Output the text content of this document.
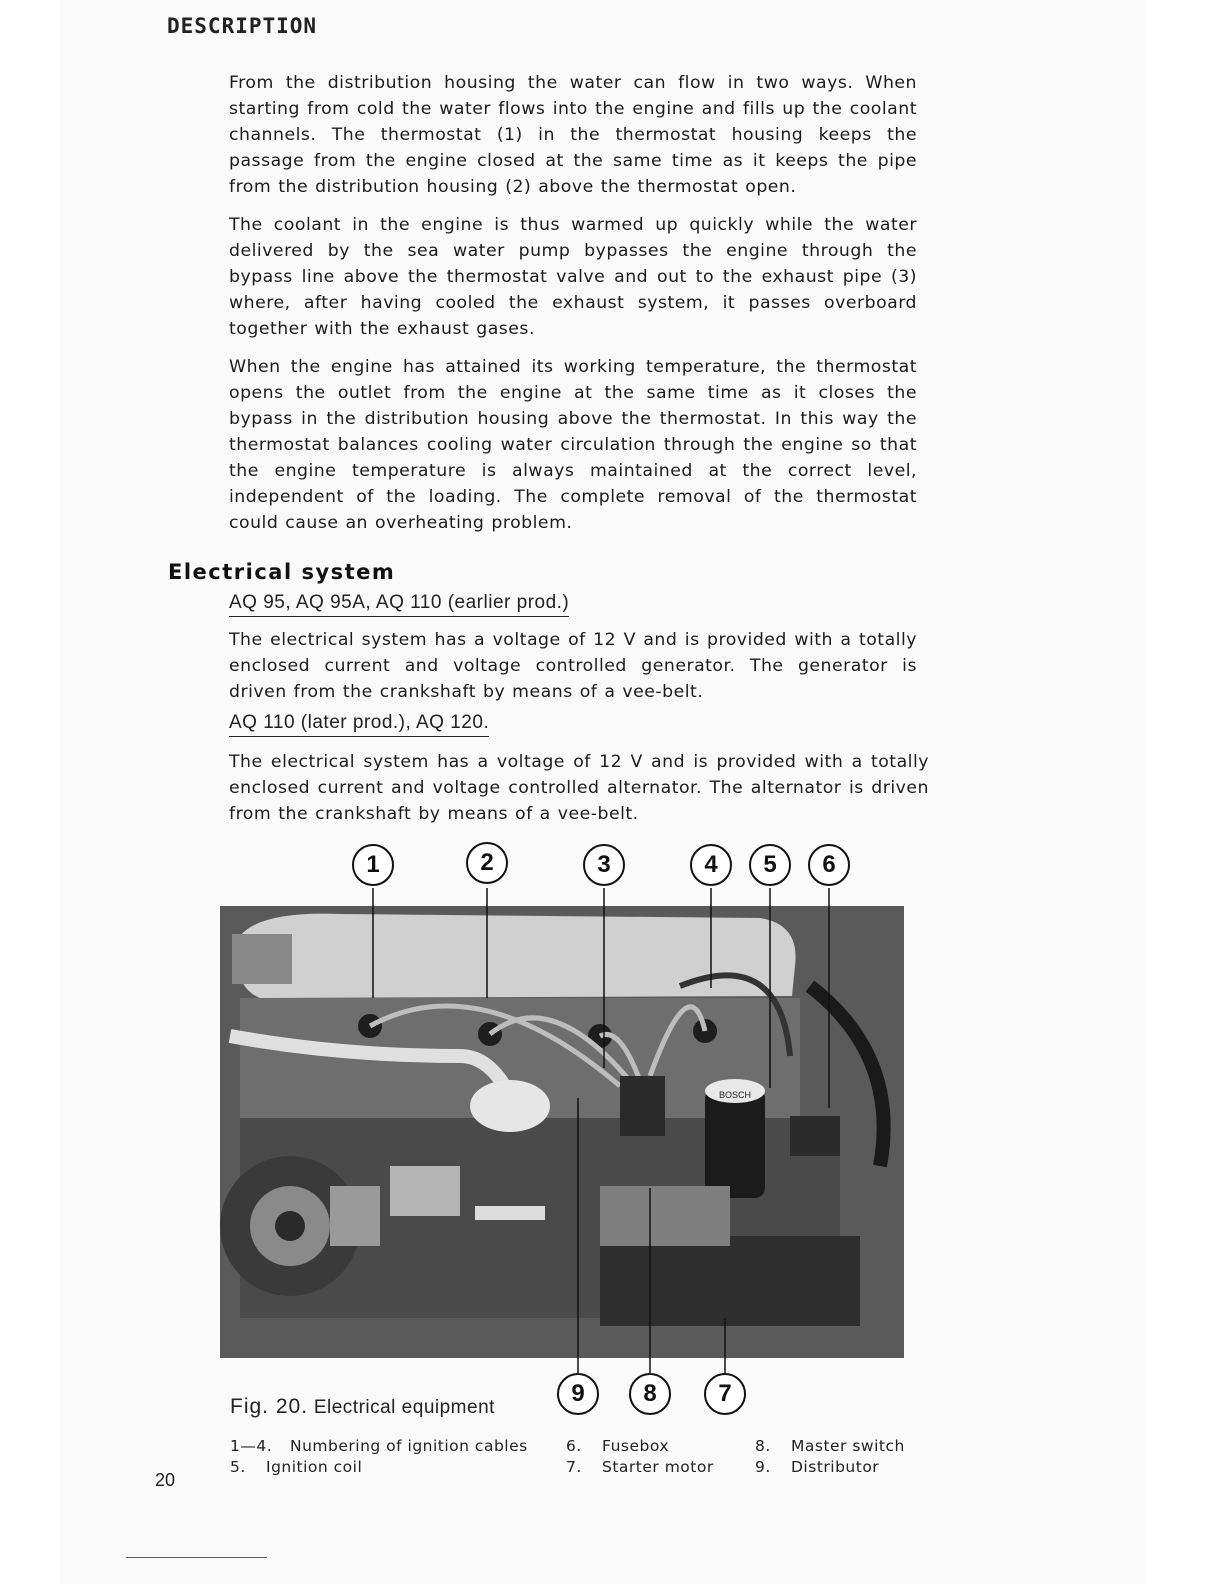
DESCRIPTION

From the distribution housing the water can flow in two ways. When starting from cold the water flows into the engine and fills up the coolant channels. The thermostat (1) in the thermostat housing keeps the passage from the engine closed at the same time as it keeps the pipe from the distribution housing (2) above the thermostat open.

The coolant in the engine is thus warmed up quickly while the water delivered by the sea water pump bypasses the engine through the bypass line above the thermostat valve and out to the exhaust pipe (3) where, after having cooled the exhaust system, it passes overboard together with the exhaust gases.

When the engine has attained its working temperature, the thermostat opens the outlet from the engine at the same time as it closes the bypass in the distribution housing above the thermostat. In this way the thermostat balances cooling water circulation through the engine so that the engine temperature is always maintained at the correct level, independent of the loading. The complete removal of the thermostat could cause an overheating problem.

Electrical system
AQ 95, AQ 95A, AQ 110 (earlier prod.)

The electrical system has a voltage of 12 V and is provided with a totally enclosed current and voltage controlled generator. The generator is driven from the crankshaft by means of a vee-belt.

AQ 110 (later prod.), AQ 120.

The electrical system has a voltage of 12 V and is provided with a totally enclosed current and voltage controlled alternator. The alternator is driven from the crankshaft by means of a vee-belt.

BOSCH
1	2	3	4	5	6
9	8	7
Fig. 20. Electrical equipment
1—4. Numbering of ignition cables
5. Ignition coil
6. Fusebox
7. Starter motor
8. Master switch
9. Distributor
20
